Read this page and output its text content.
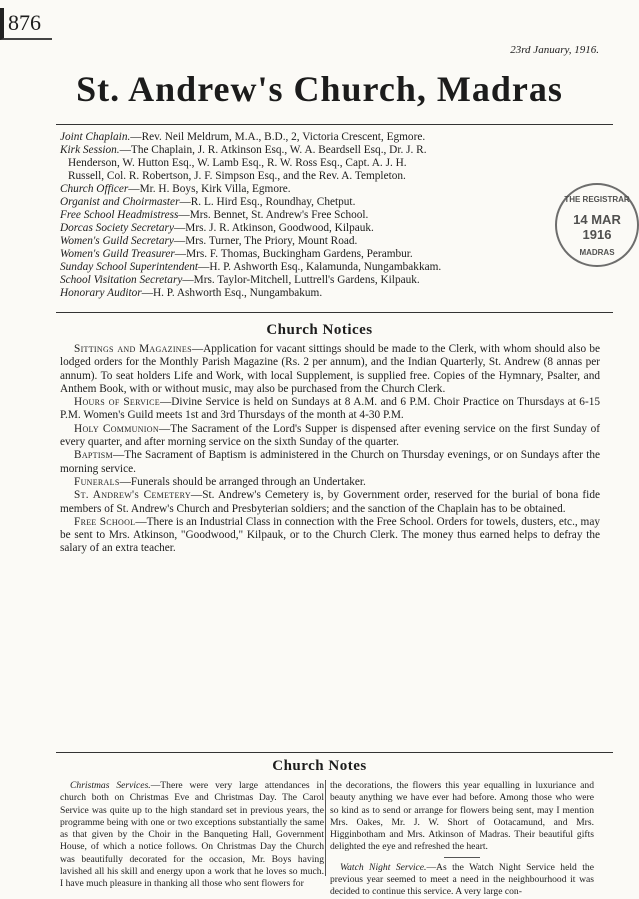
876
23rd January, 1916.
St. Andrew's Church, Madras
Joint Chaplain.—Rev. Neil Meldrum, M.A., B.D., 2, Victoria Crescent, Egmore.
Kirk Session.—The Chaplain, J. R. Atkinson Esq., W. A. Beardsell Esq., Dr. J. R.
Henderson, W. Hutton Esq., W. Lamb Esq., R. W. Ross Esq., Capt. A. J. H.
Russell, Col. R. Robertson, J. F. Simpson Esq., and the Rev. A. Templeton.
Church Officer—Mr. H. Boys, Kirk Villa, Egmore.
Organist and Choirmaster—R. L. Hird Esq., Roundhay, Chetput.
Free School Headmistress—Mrs. Bennet, St. Andrew's Free School.
Dorcas Society Secretary—Mrs. J. R. Atkinson, Goodwood, Kilpauk.
Women's Guild Secretary—Mrs. Turner, The Priory, Mount Road.
Women's Guild Treasurer—Mrs. F. Thomas, Buckingham Gardens, Perambur.
Sunday School Superintendent—H. P. Ashworth Esq., Kalamunda, Nungambakkam.
School Visitation Secretary—Mrs. Taylor-Mitchell, Luttrell's Gardens, Kilpauk.
Honorary Auditor—H. P. Ashworth Esq., Nungambakum.
THE REGISTRAR
14 MAR 1916
MADRAS
Church Notices

Sittings and Magazines—Application for vacant sittings should be made to the Clerk, with whom should also be lodged orders for the Monthly Parish Magazine (Rs. 2 per annum), and the Indian Quarterly, St. Andrew (8 annas per annum). To seat holders Life and Work, with local Supplement, is supplied free. Copies of the Hymnary, Psalter, and Anthem Book, with or without music, may also be purchased from the Church Clerk.

Hours of Service—Divine Service is held on Sundays at 8 A.M. and 6 P.M. Choir Practice on Thursdays at 6-15 P.M. Women's Guild meets 1st and 3rd Thursdays of the month at 4-30 P.M.

Holy Communion—The Sacrament of the Lord's Supper is dispensed after evening service on the first Sunday of every quarter, and after morning service on the sixth Sunday of the quarter.

Baptism—The Sacrament of Baptism is administered in the Church on Thursday evenings, or on Sundays after the morning service.

Funerals—Funerals should be arranged through an Undertaker.

St. Andrew's Cemetery—St. Andrew's Cemetery is, by Government order, reserved for the burial of bona fide members of St. Andrew's Church and Presbyterian soldiers; and the sanction of the Chaplain has to be obtained.

Free School—There is an Industrial Class in connection with the Free School. Orders for towels, dusters, etc., may be sent to Mrs. Atkinson, "Goodwood," Kilpauk, or to the Church Clerk. The money thus earned helps to defray the salary of an extra teacher.

Church Notes

Christmas Services.—There were very large attendances in church both on Christmas Eve and Christmas Day. The Carol Service was quite up to the high standard set in previous years, the programme being with one or two exceptions substantially the same as that given by the Choir in the Banqueting Hall, Government House, of which a notice follows. On Christmas Day the Church was beautifully decorated for the occasion, Mr. Boys having lavished all his skill and energy upon a work that he loves so much. I have much pleasure in thanking all those who sent flowers for

the decorations, the flowers this year equalling in luxuriance and beauty anything we have ever had before. Among those who were so kind as to send or arrange for flowers being sent, may I mention Mrs. Oakes, Mr. J. W. Short of Ootacamund, and Mrs. Higginbotham and Mrs. Atkinson of Madras. Their beautiful gifts delighted the eye and refreshed the heart.

Watch Night Service.—As the Watch Night Service held the previous year seemed to meet a need in the neighbourhood it was decided to continue this service. A very large con-
